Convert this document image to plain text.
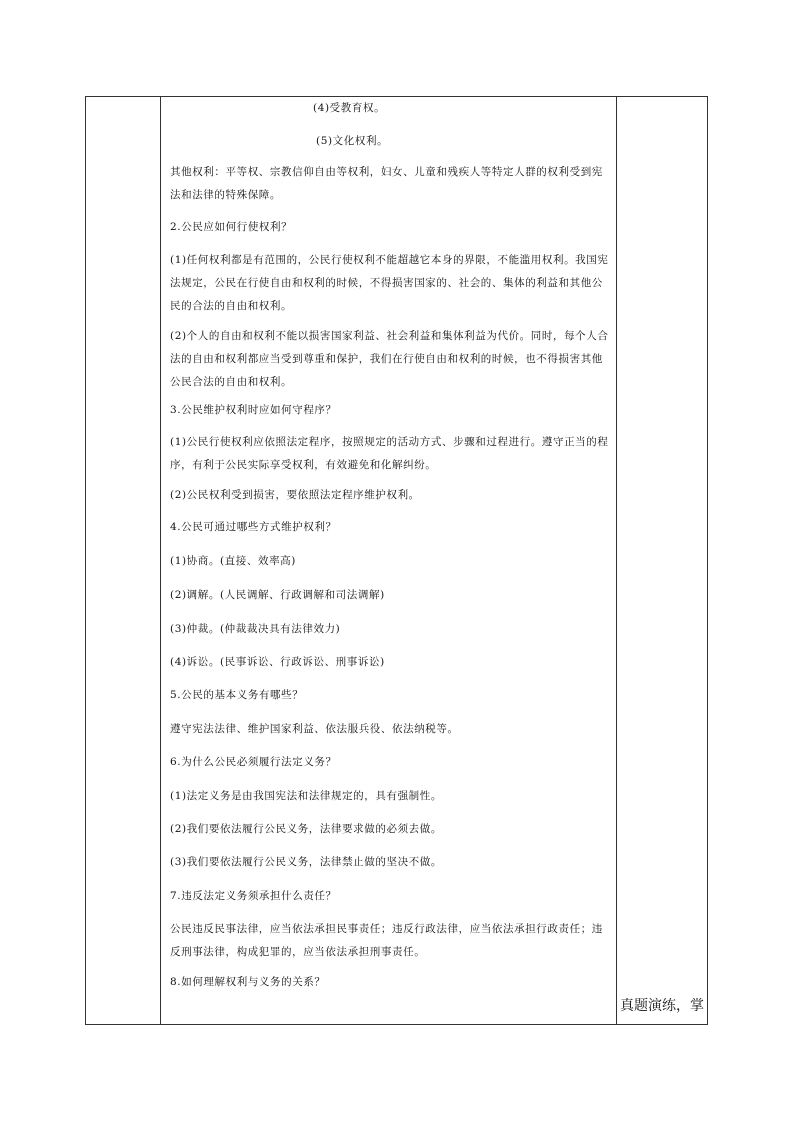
(4)受教育权。
(5)文化权利。
其他权利：平等权、宗教信仰自由等权利，妇女、儿童和残疾人等特定人群的权利受到宪法和法律的特殊保障。
2.公民应如何行使权利？
(1)任何权利都是有范围的，公民行使权利不能超越它本身的界限，不能滥用权利。我国宪法规定，公民在行使自由和权利的时候，不得损害国家的、社会的、集体的利益和其他公民的合法的自由和权利。
(2)个人的自由和权利不能以损害国家利益、社会利益和集体利益为代价。同时，每个人合法的自由和权利都应当受到尊重和保护，我们在行使自由和权利的时候，也不得损害其他公民合法的自由和权利。
3.公民维护权利时应如何守程序？
(1)公民行使权利应依照法定程序，按照规定的活动方式、步骤和过程进行。遵守正当的程序，有利于公民实际享受权利，有效避免和化解纠纷。
(2)公民权利受到损害，要依照法定程序维护权利。
4.公民可通过哪些方式维护权利？
(1)协商。(直接、效率高)
(2)调解。(人民调解、行政调解和司法调解)
(3)仲裁。(仲裁裁决具有法律效力)
(4)诉讼。(民事诉讼、行政诉讼、刑事诉讼)
5.公民的基本义务有哪些？
遵守宪法法律、维护国家利益、依法服兵役、依法纳税等。
6.为什么公民必须履行法定义务？
(1)法定义务是由我国宪法和法律规定的，具有强制性。
(2)我们要依法履行公民义务，法律要求做的必须去做。
(3)我们要依法履行公民义务，法律禁止做的坚决不做。
7.违反法定义务须承担什么责任？
公民违反民事法律，应当依法承担民事责任；违反行政法律，应当依法承担行政责任；违反刑事法律，构成犯罪的，应当依法承担刑事责任。
8.如何理解权利与义务的关系？
真题演练，掌
